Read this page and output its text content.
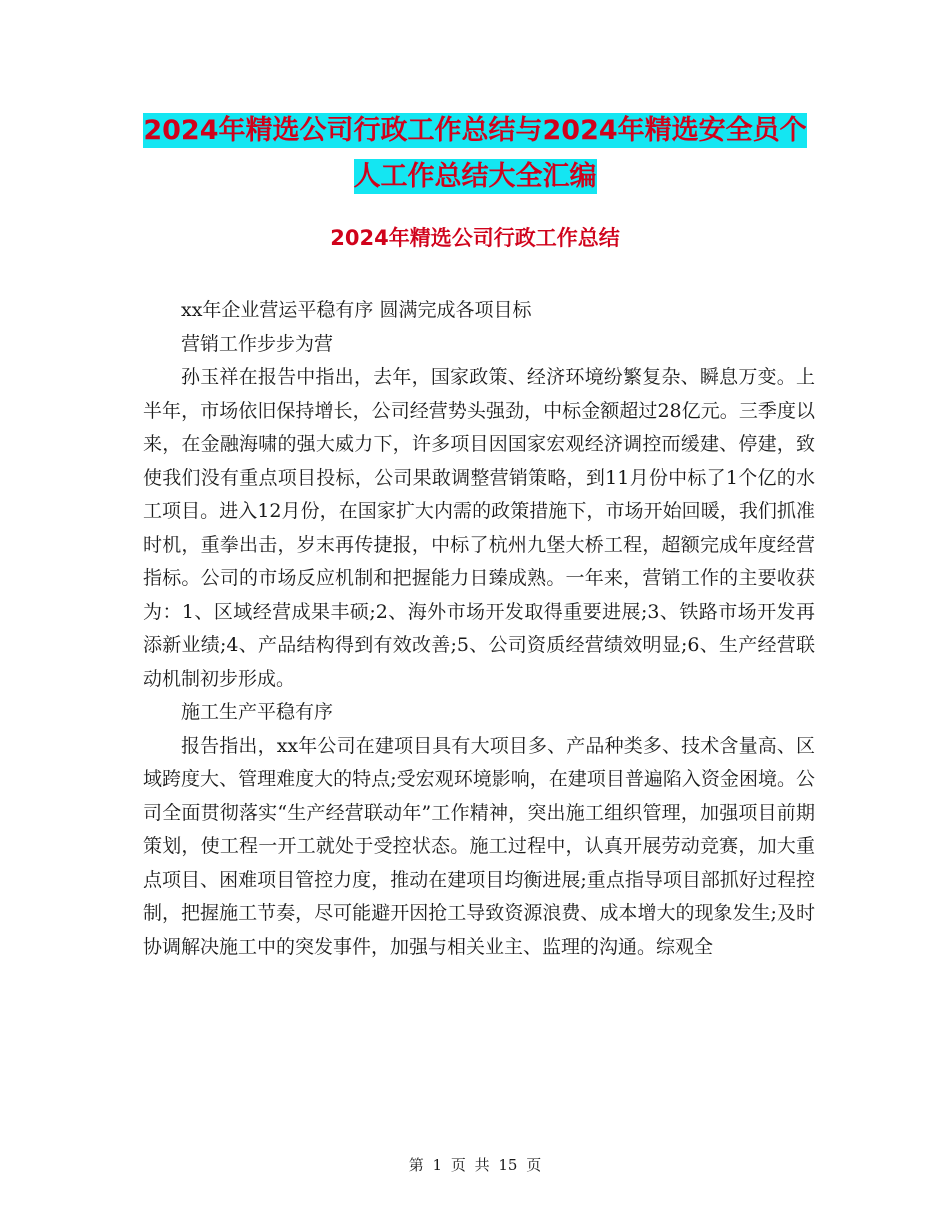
2024年精选公司行政工作总结与2024年精选安全员个
人工作总结大全汇编
2024年精选公司行政工作总结

xx年企业营运平稳有序 圆满完成各项目标

营销工作步步为营

孙玉祥在报告中指出，去年，国家政策、经济环境纷繁复杂、瞬息万变。上半年，市场依旧保持增长，公司经营势头强劲，中标金额超过28亿元。三季度以来，在金融海啸的强大威力下，许多项目因国家宏观经济调控而缓建、停建，致使我们没有重点项目投标，公司果敢调整营销策略，到11月份中标了1个亿的水工项目。进入12月份，在国家扩大内需的政策措施下，市场开始回暖，我们抓准时机，重拳出击，岁末再传捷报，中标了杭州九堡大桥工程，超额完成年度经营指标。公司的市场反应机制和把握能力日臻成熟。一年来，营销工作的主要收获为：1、区域经营成果丰硕;2、海外市场开发取得重要进展;3、铁路市场开发再添新业绩;4、产品结构得到有效改善;5、公司资质经营绩效明显;6、生产经营联动机制初步形成。

施工生产平稳有序

报告指出，xx年公司在建项目具有大项目多、产品种类多、技术含量高、区域跨度大、管理难度大的特点;受宏观环境影响，在建项目普遍陷入资金困境。公司全面贯彻落实“生产经营联动年”工作精神，突出施工组织管理，加强项目前期策划，使工程一开工就处于受控状态。施工过程中，认真开展劳动竞赛，加大重点项目、困难项目管控力度，推动在建项目均衡进展;重点指导项目部抓好过程控制，把握施工节奏，尽可能避开因抢工导致资源浪费、成本增大的现象发生;及时协调解决施工中的突发事件，加强与相关业主、监理的沟通。综观全

第 1 页 共 15 页
